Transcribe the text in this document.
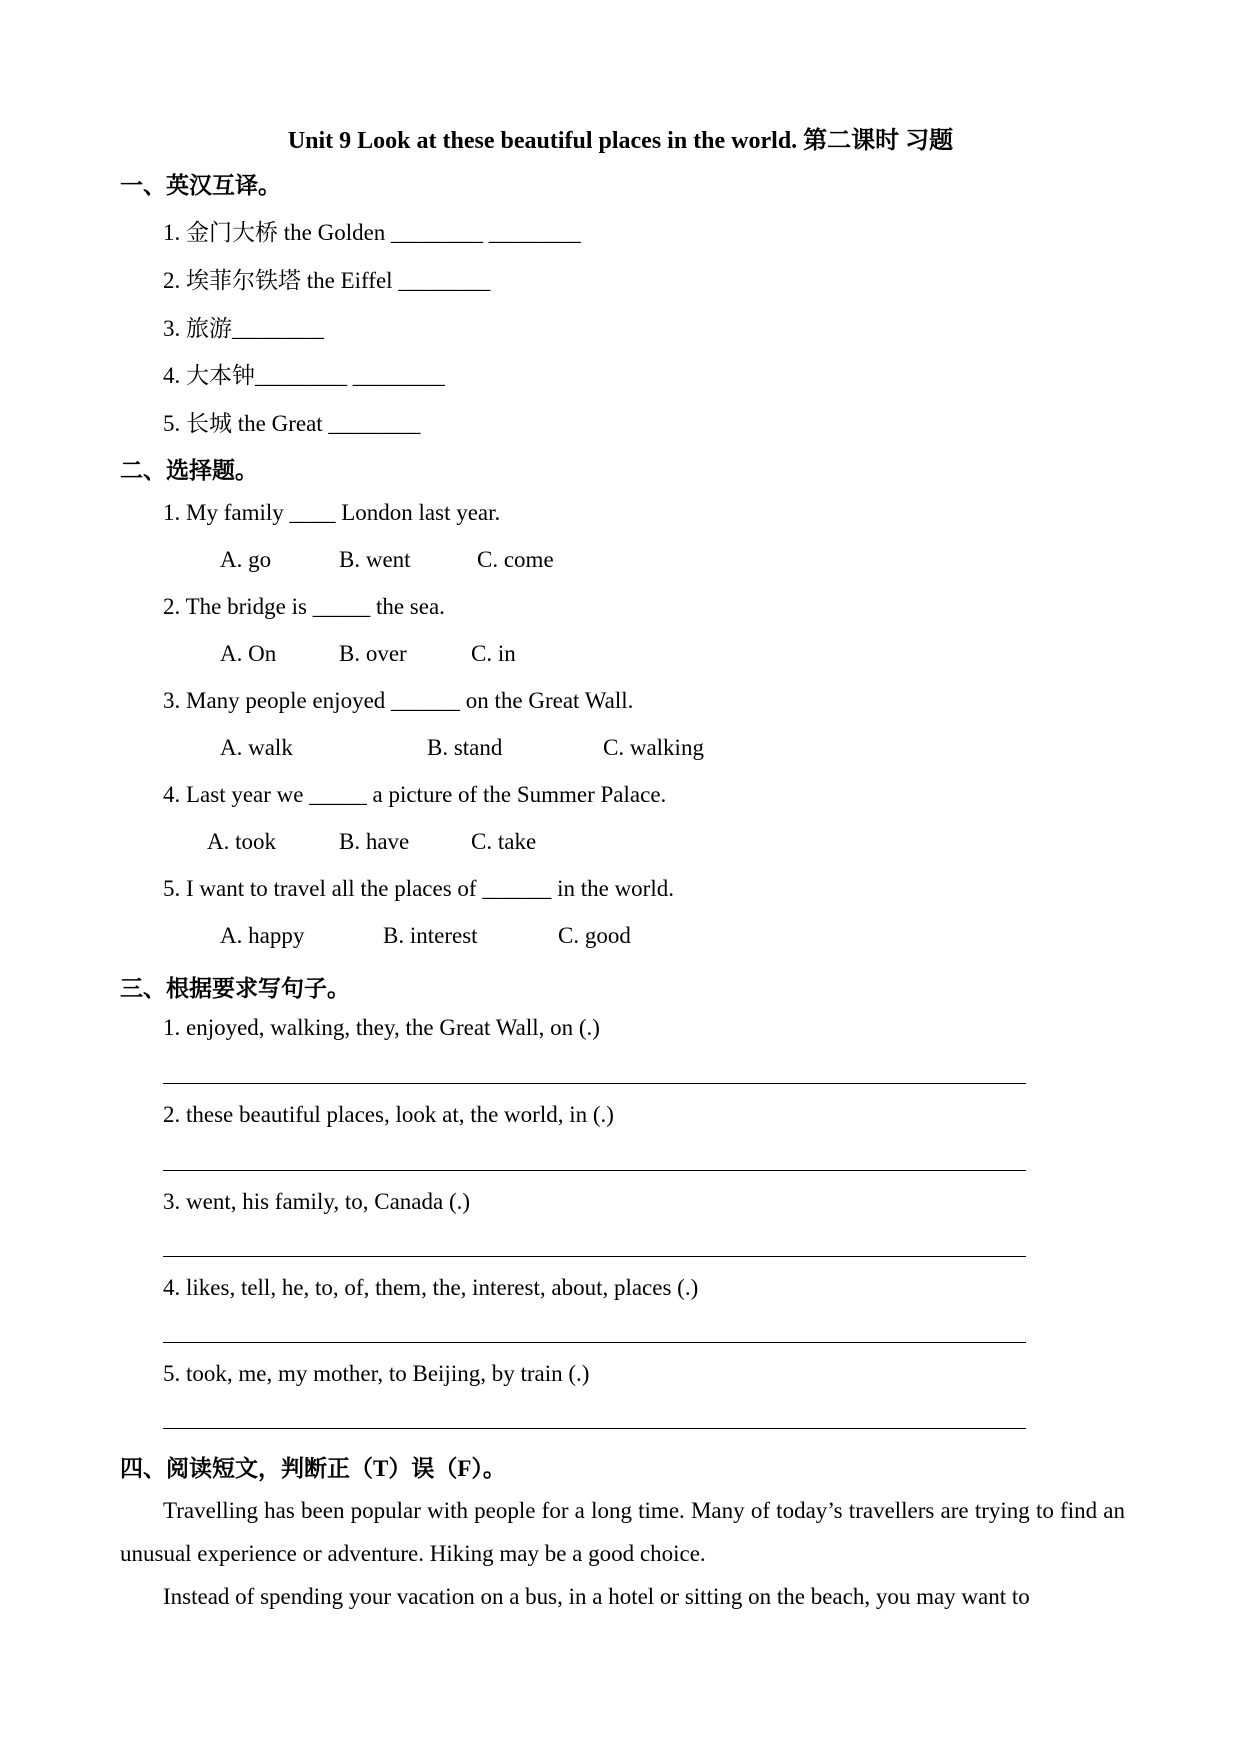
Unit 9 Look at these beautiful places in the world. 第二课时 习题
一、英汉互译。
1. 金门大桥 the Golden ________ ________
2. 埃菲尔铁塔 the Eiffel ________
3. 旅游________
4. 大本钟________ ________
5. 长城 the Great ________
二、选择题。
1. My family ____ London last year.
A. go	B. went	C. come
2. The bridge is _____ the sea.
A. On	B. over	C. in
3. Many people enjoyed ______ on the Great Wall.
A. walk	B. stand	C. walking
4. Last year we _____ a picture of the Summer Palace.
A. took	B. have	C. take
5. I want to travel all the places of ______ in the world.
A. happy	B. interest	C. good
三、根据要求写句子。
1. enjoyed, walking, they, the Great Wall, on (.)
2. these beautiful places, look at, the world, in (.)
3. went, his family, to, Canada (.)
4. likes, tell, he, to, of, them, the, interest, about, places (.)
5. took, me, my mother, to Beijing, by train (.)
四、阅读短文，判断正（T）误（F）。
Travelling has been popular with people for a long time. Many of today’s travellers are trying to find an unusual experience or adventure. Hiking may be a good choice.
Instead of spending your vacation on a bus, in a hotel or sitting on the beach, you may want to
